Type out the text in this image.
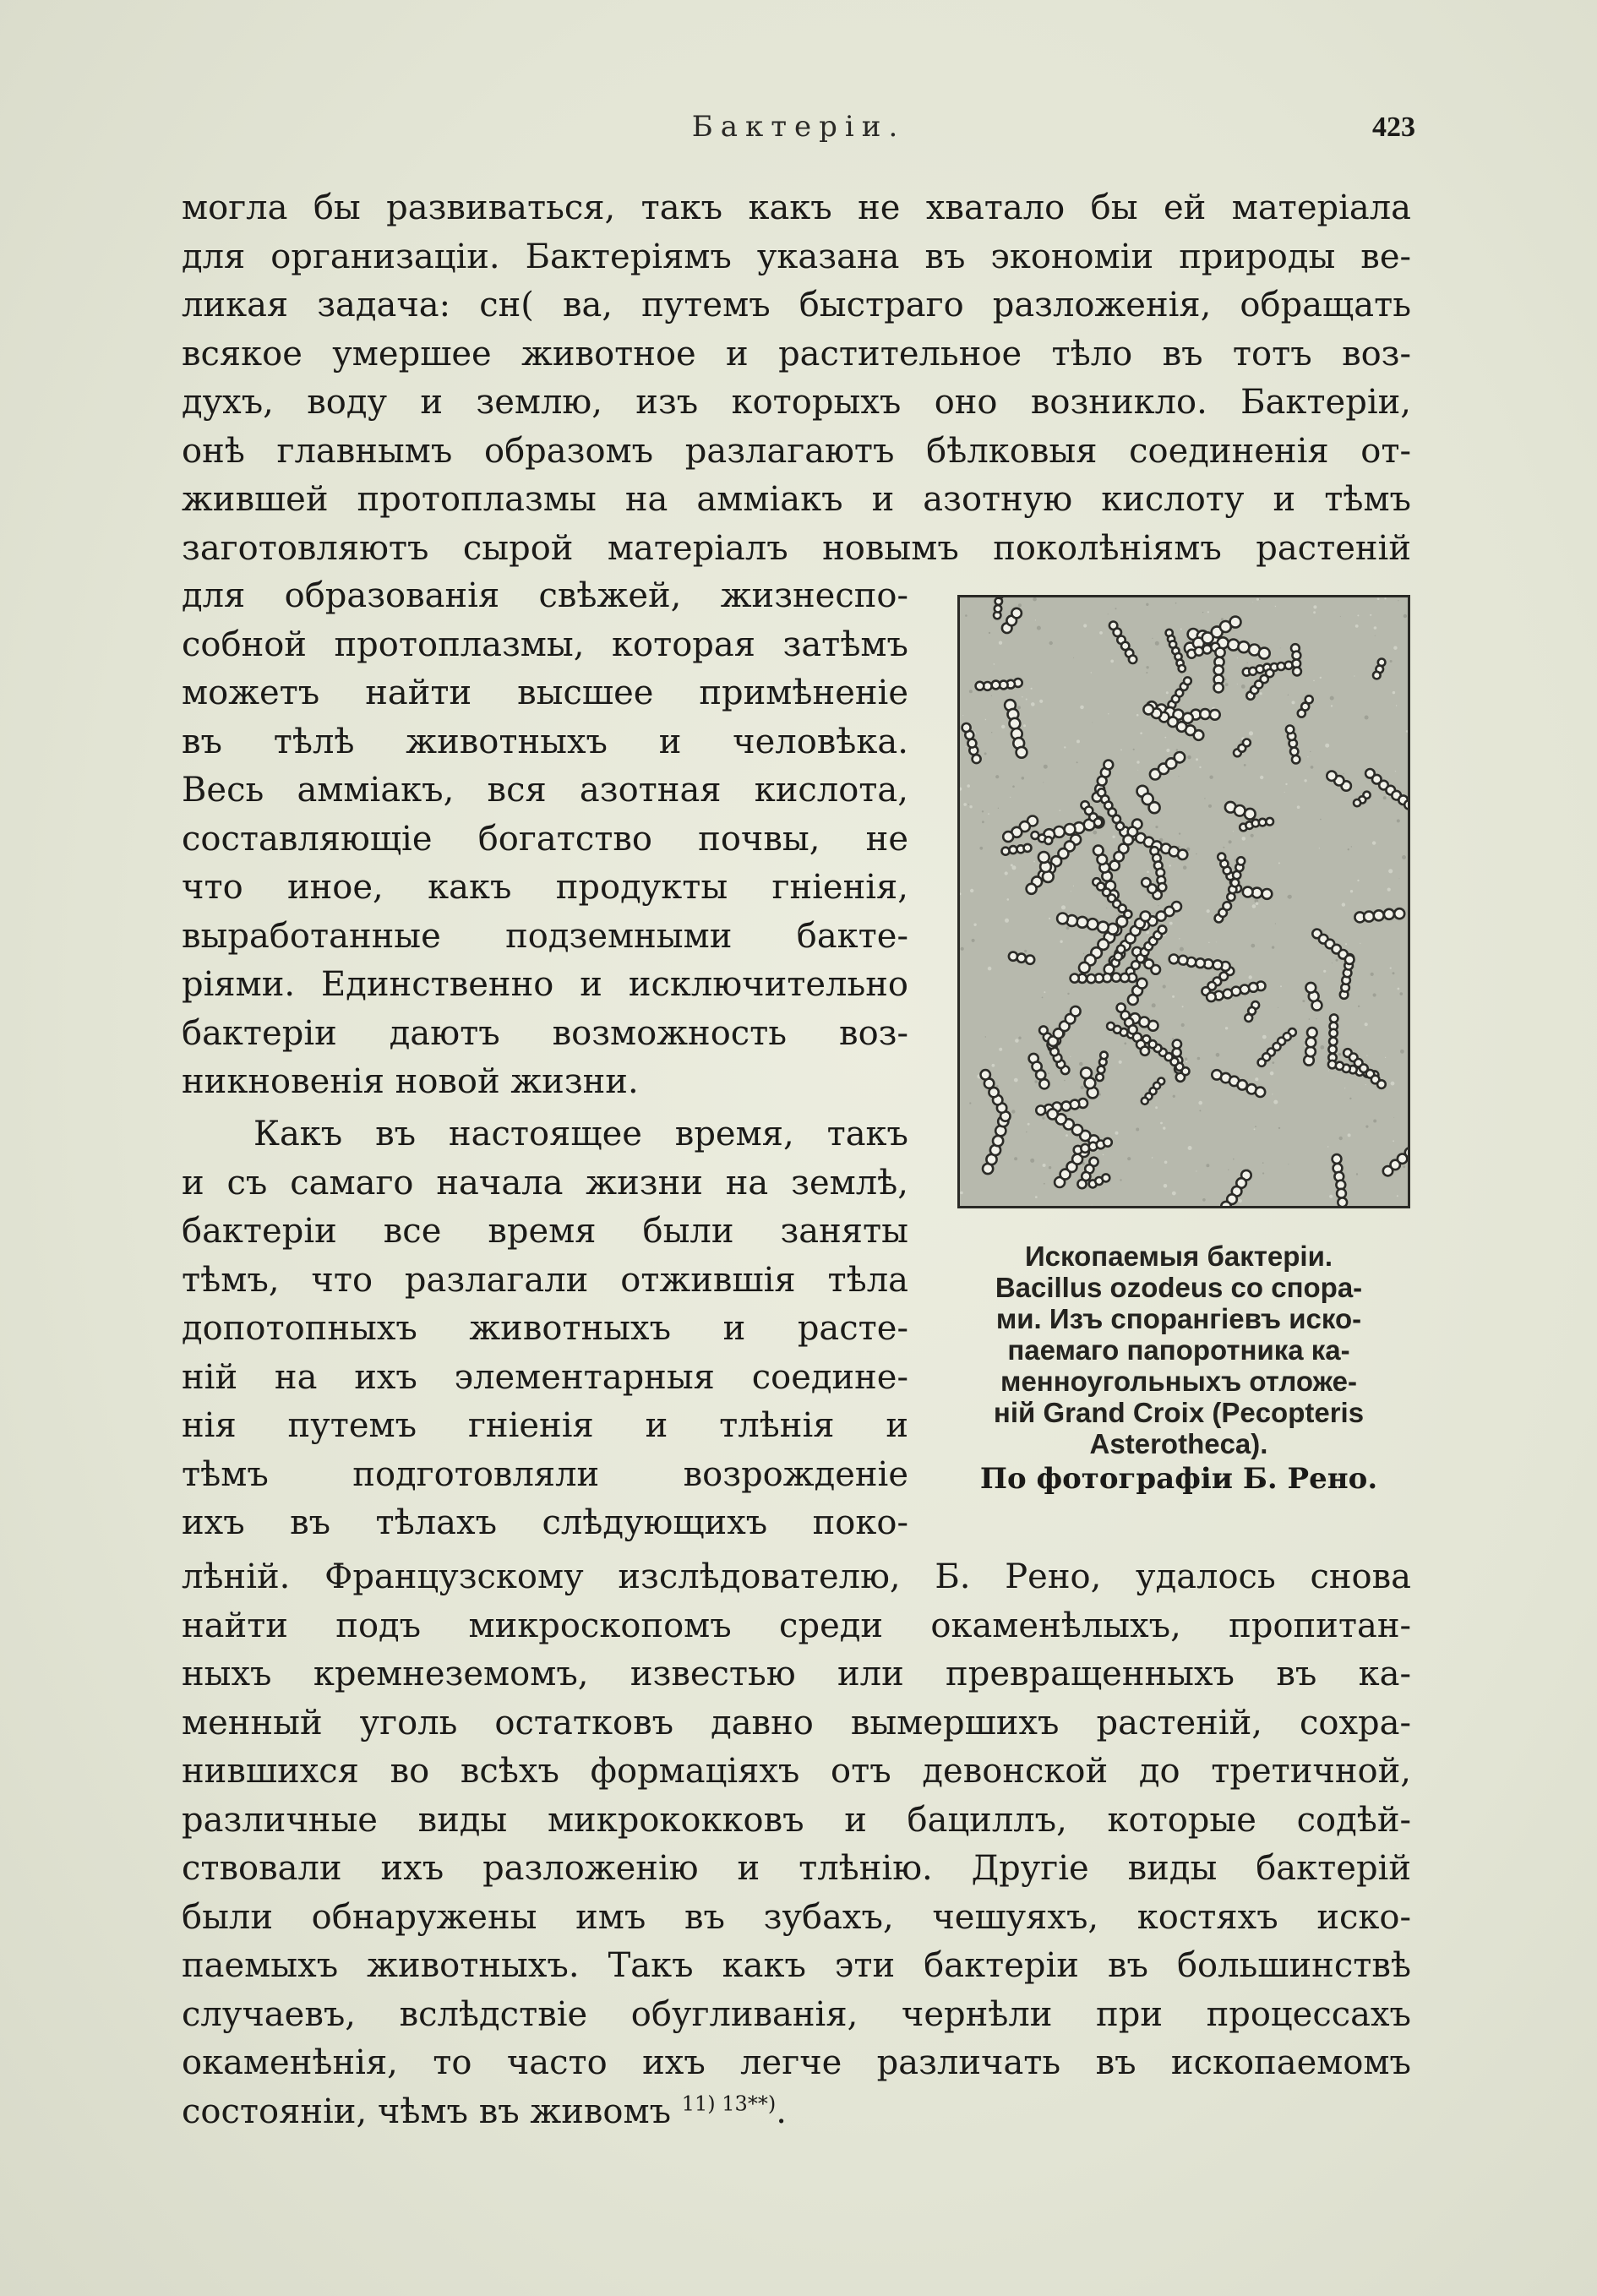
Бактеріи.	423
могла бы развиваться, такъ какъ не хватало бы ей матеріала
для организаціи. Бактеріямъ указана въ экономіи природы ве-
ликая задача: сн( ва, путемъ быстраго разложенія, обращать
всякое умершее животное и растительное тѣло въ тотъ воз-
духъ, воду и землю, изъ которыхъ оно возникло. Бактеріи,
онѣ главнымъ образомъ разлагаютъ бѣлковыя соединенія от-
жившей протоплазмы на амміакъ и азотную кислоту и тѣмъ
заготовляютъ сырой матеріалъ новымъ поколѣніямъ растеній
для образованія свѣжей, жизнеспо-
собной протоплазмы, которая затѣмъ
можетъ найти высшее примѣненіе
въ тѣлѣ животныхъ и человѣка.
Весь амміакъ, вся азотная кислота,
составляющіе богатство почвы, не
что иное, какъ продукты гніенія,
выработанные подземными бакте-
ріями. Единственно и исключительно
бактеріи даютъ возможность воз-
никновенія новой жизни.
Какъ въ настоящее время, такъ
и съ самаго начала жизни на землѣ,
бактеріи все время были заняты
тѣмъ, что разлагали отжившія тѣла
допотопныхъ животныхъ и расте-
ній на ихъ элементарныя соедине-
нія путемъ гніенія и тлѣнія и
тѣмъ подготовляли возрожденіе
ихъ въ тѣлахъ слѣдующихъ поко-
лѣній. Французскому изслѣдователю, Б. Рено, удалось снова
найти подъ микроскопомъ среди окаменѣлыхъ, пропитан-
ныхъ кремнеземомъ, известью или превращенныхъ въ ка-
менный уголь остатковъ давно вымершихъ растеній, сохра-
нившихся во всѣхъ формаціяхъ отъ девонской до третичной,
различные виды микрококковъ и бациллъ, которые содѣй-
ствовали ихъ разложенію и тлѣнію. Другіе виды бактерій
были обнаружены имъ въ зубахъ, чешуяхъ, костяхъ иско-
паемыхъ животныхъ. Такъ какъ эти бактеріи въ большинствѣ
случаевъ, вслѣдствіе обугливанія, чернѣли при процессахъ
окаменѣнія, то часто ихъ легче различать въ ископаемомъ
состояніи, чѣмъ въ живомъ $^{11) 13**)}$.
Ископаемыя бактеріи.
Bacillus ozodeus со спора-
ми. Изъ спорангіевъ иско-
паемаго папоротника ка-
менноугольныхъ отложе-
ній Grand Croix (Pecopteris
Asterotheca).
По фотографіи Б. Рено.
